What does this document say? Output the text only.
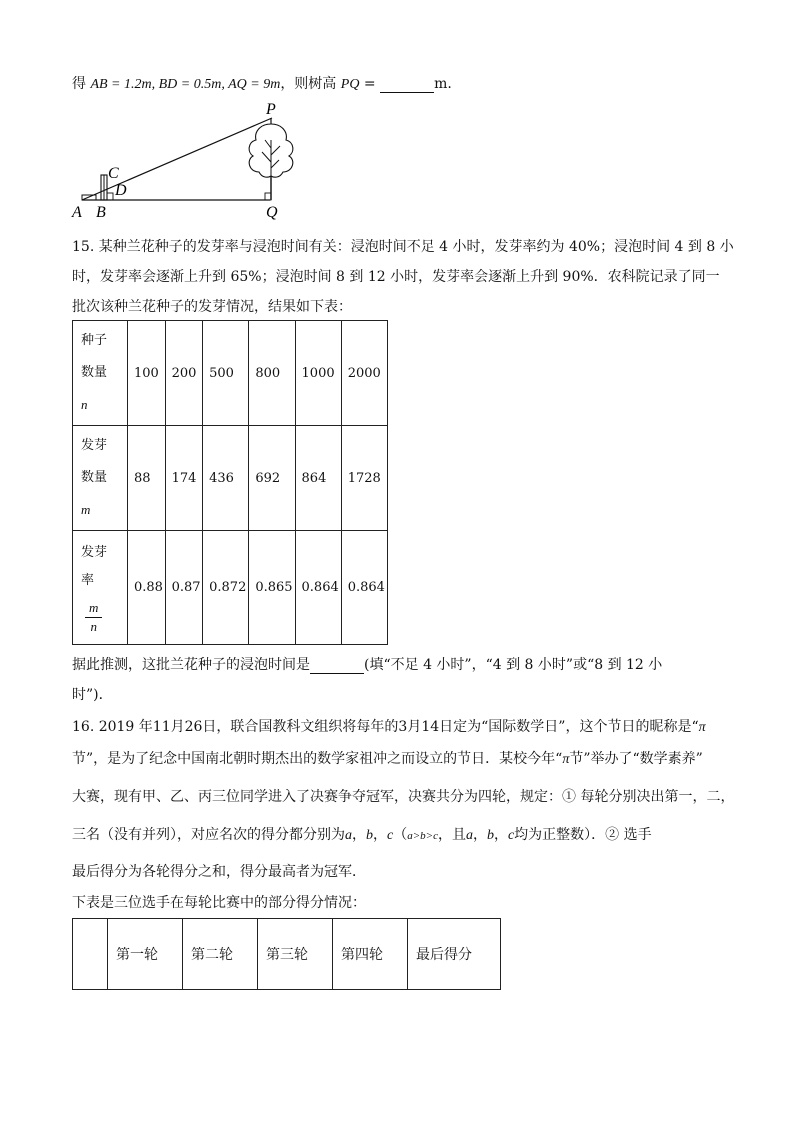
得 AB = 1.2m, BD = 0.5m, AQ = 9m，则树高 PQ =	m.
P
C
D
A B	Q
15. 某种兰花种子的发芽率与浸泡时间有关：浸泡时间不足 4 小时，发芽率约为 40%；浸泡时间 4 到 8 小
时，发芽率会逐渐上升到 65%；浸泡时间 8 到 12 小时，发芽率会逐渐上升到 90%．农科院记录了同一
批次该种兰花种子的发芽情况，结果如下表：
种子
数量
n	100	200	500	800	1000	2000

发芽
数量
m	88	174	436	692	864	1728

发芽
率
$\frac{m}{n}$	0.88	0.87	0.872	0.865	0.864	0.864
据此推测，这批兰花种子的浸泡时间是	(填“不足 4 小时”，“4 到 8 小时”或“8 到 12 小
时”)．
16. 2019 年11月26日，联合国教科文组织将每年的3月14日定为“国际数学日”，这个节日的昵称是“π
节”，是为了纪念中国南北朝时期杰出的数学家祖冲之而设立的节日．某校今年“π节”举办了“数学素养”
大赛，现有甲、乙、丙三位同学进入了决赛争夺冠军，决赛共分为四轮，规定：① 每轮分别决出第一，二，
三名（没有并列），对应名次的得分都分别为a，b，c（a>b>c，且a，b，c均为正整数）．② 选手
最后得分为各轮得分之和，得分最高者为冠军．
下表是三位选手在每轮比赛中的部分得分情况：
	第一轮	第二轮	第三轮	第四轮	最后得分
